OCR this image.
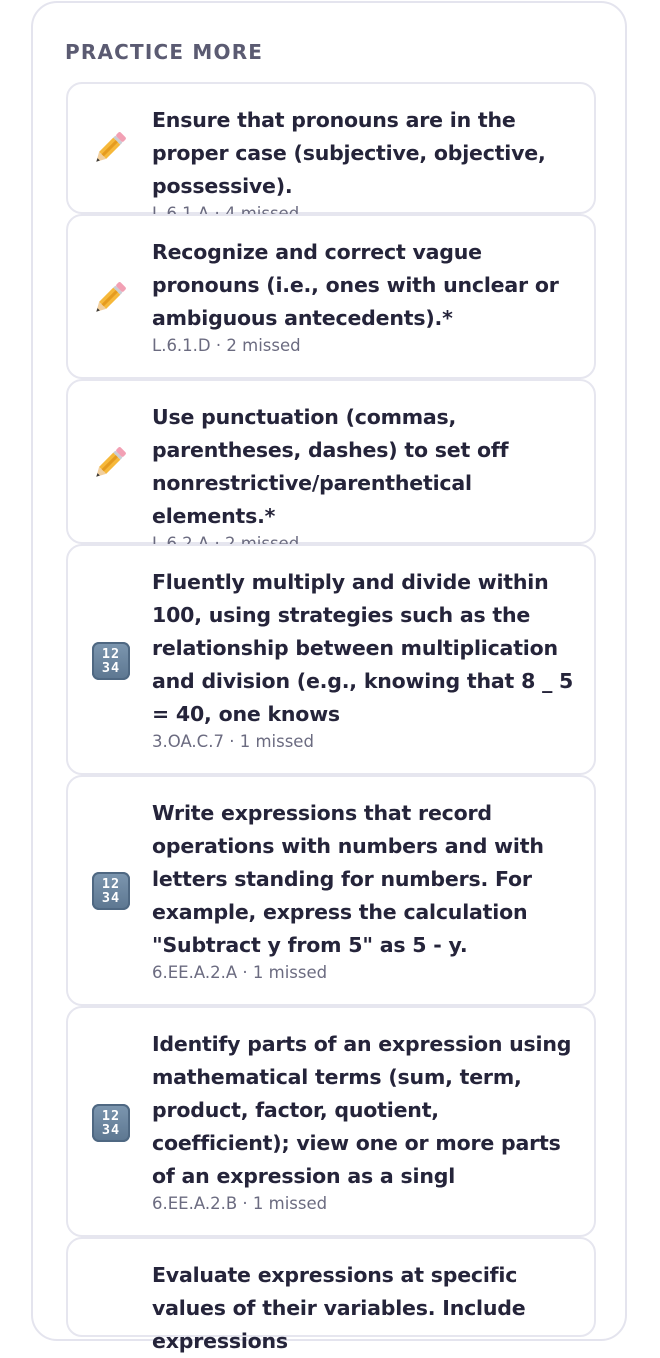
PRACTICE MORE
Ensure that pronouns are in the proper case (subjective, objective, possessive).
Recognize and correct vague pronouns (i.e., ones with unclear or ambiguous antecedents).*
L.6.1.D · 2 missed
Use punctuation (commas, parentheses, dashes) to set off nonrestrictive/parenthetical elements.*
12
34
Fluently multiply and divide within 100, using strategies such as the relationship between multiplication and division (e.g., knowing that 8 _ 5 = 40, one knows
3.OA.C.7 · 1 missed
12
34
Write expressions that record operations with numbers and with letters standing for numbers. For example, express the calculation "Subtract y from 5" as 5 - y.
6.EE.A.2.A · 1 missed
12
34
Identify parts of an expression using mathematical terms (sum, term, product, factor, quotient, coefficient); view one or more parts of an expression as a singl
6.EE.A.2.B · 1 missed
Evaluate expressions at specific values of their variables. Include expressions
